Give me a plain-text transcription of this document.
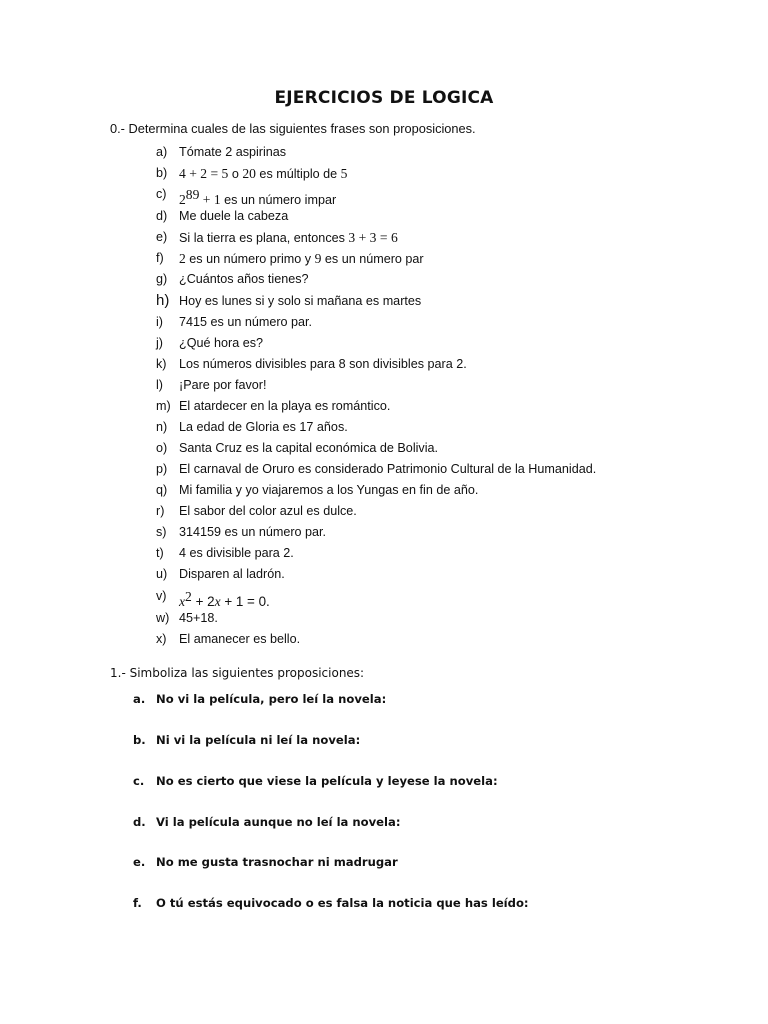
EJERCICIOS DE LOGICA
0.- Determina cuales de las siguientes frases son proposiciones.
a) Tómate 2 aspirinas
b) 4 + 2 = 5 o 20 es múltiplo de 5
c) $2^{89} + 1$ es un número impar
d) Me duele la cabeza
e) Si la tierra es plana, entonces 3 + 3 = 6
f) 2 es un número primo y 9 es un número par
g) ¿Cuántos años tienes?
h) Hoy es lunes si y solo si mañana es martes
i) 7415 es un número par.
j) ¿Qué hora es?
k) Los números divisibles para 8 son divisibles para 2.
l) ¡Pare por favor!
m) El atardecer en la playa es romántico.
n) La edad de Gloria es 17 años.
o) Santa Cruz es la capital económica de Bolivia.
p) El carnaval de Oruro es considerado Patrimonio Cultural de la Humanidad.
q) Mi familia y yo viajaremos a los Yungas en fin de año.
r) El sabor del color azul es dulce.
s) 314159 es un número par.
t) 4 es divisible para 2.
u) Disparen al ladrón.
v) $x^2 + 2x + 1 = 0$.
w) 45+18.
x) El amanecer es bello.
1.- Simboliza las siguientes proposiciones:
a. No vi la película, pero leí la novela:
b. Ni vi la película ni leí la novela:
c. No es cierto que viese la película y leyese la novela:
d. Vi la película aunque no leí la novela:
e. No me gusta trasnochar ni madrugar
f. O tú estás equivocado o es falsa la noticia que has leído:
